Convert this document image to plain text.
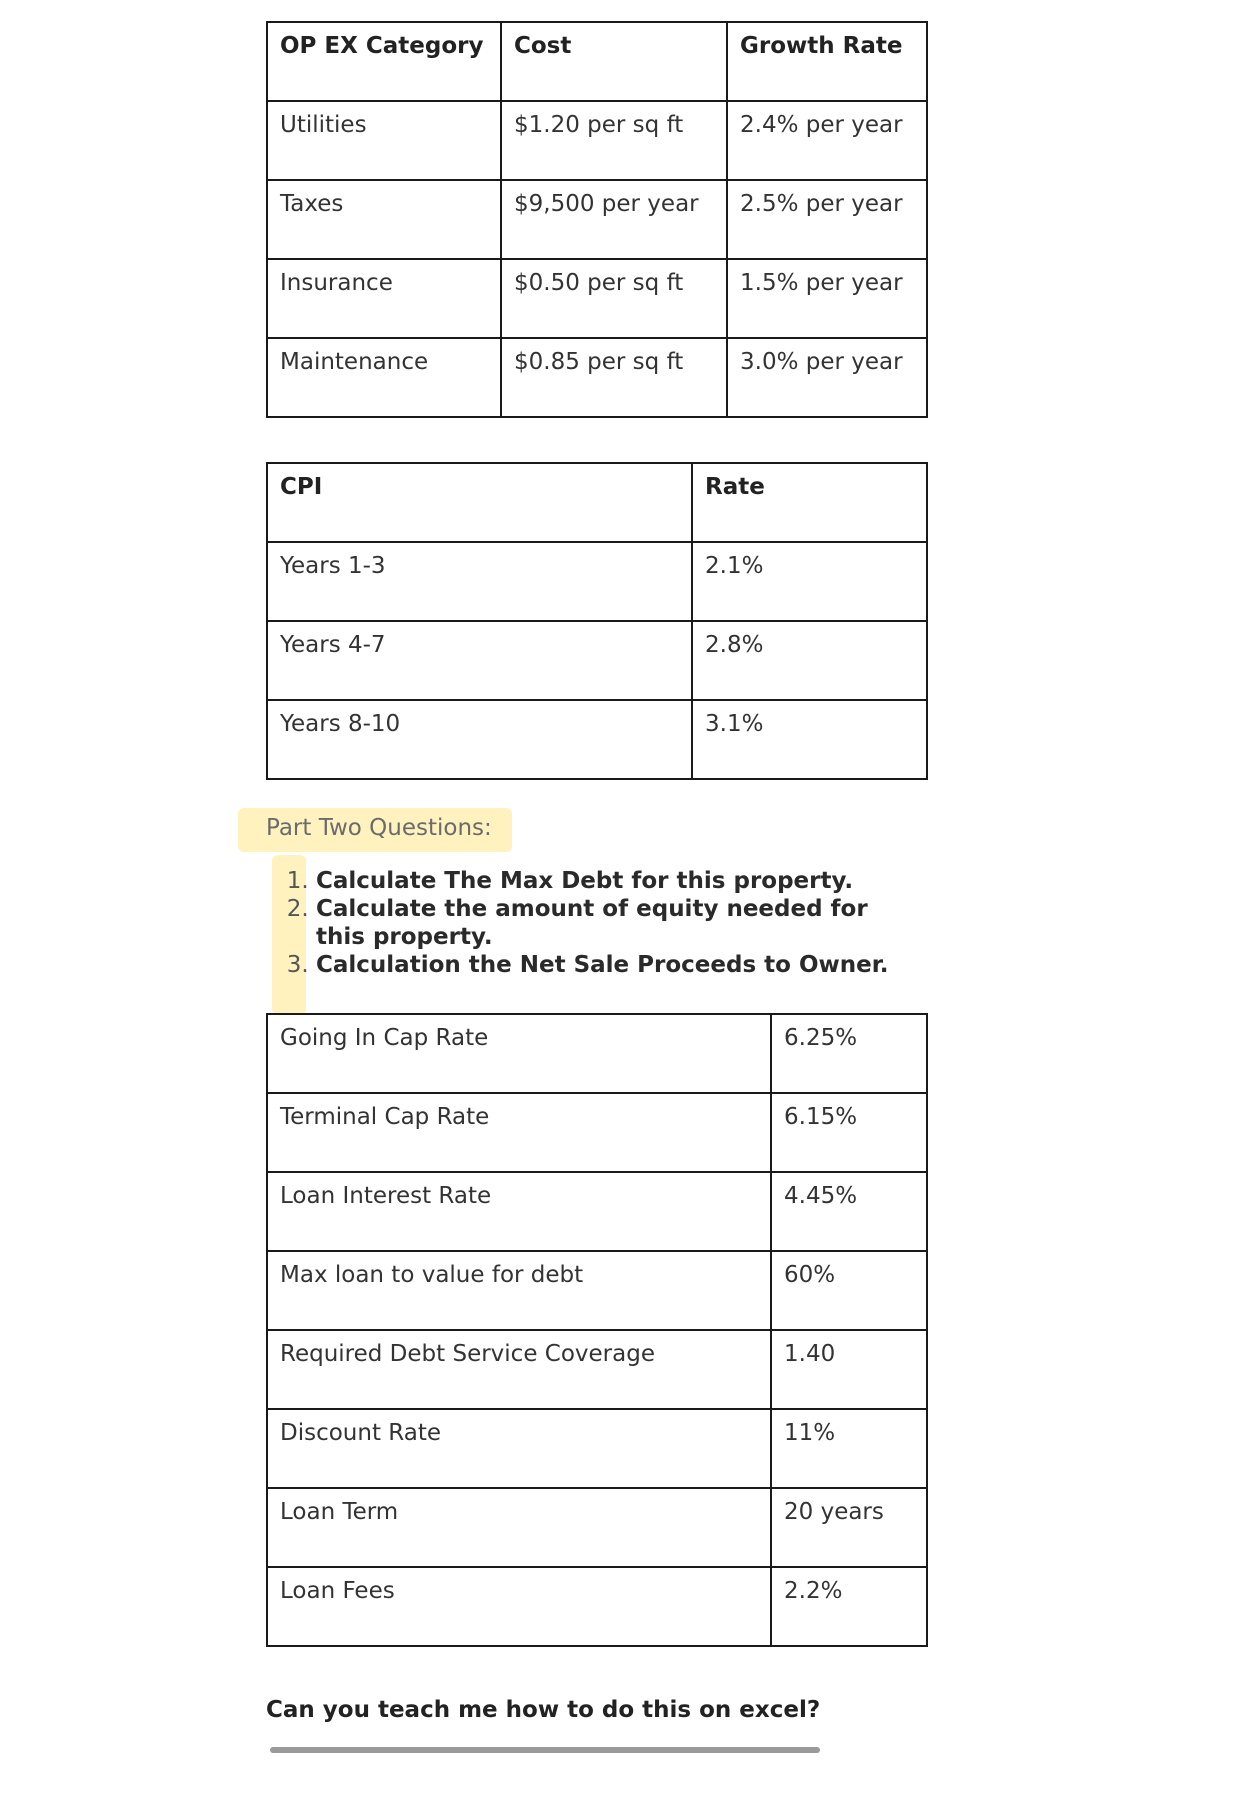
OP EX Category	Cost	Growth Rate
Utilities	$1.20 per sq ft	2.4% per year
Taxes	$9,500 per year	2.5% per year
Insurance	$0.50 per sq ft	1.5% per year
Maintenance	$0.85 per sq ft	3.0% per year
CPI	Rate
Years 1-3	2.1%
Years 4-7	2.8%
Years 8-10	3.1%
Part Two Questions:
1. Calculate The Max Debt for this property.
2. Calculate the amount of equity needed for this property.
3. Calculation the Net Sale Proceeds to Owner.
Going In Cap Rate	6.25%
Terminal Cap Rate	6.15%
Loan Interest Rate	4.45%
Max loan to value for debt	60%
Required Debt Service Coverage	1.40
Discount Rate	11%
Loan Term	20 years
Loan Fees	2.2%
Can you teach me how to do this on excel?
